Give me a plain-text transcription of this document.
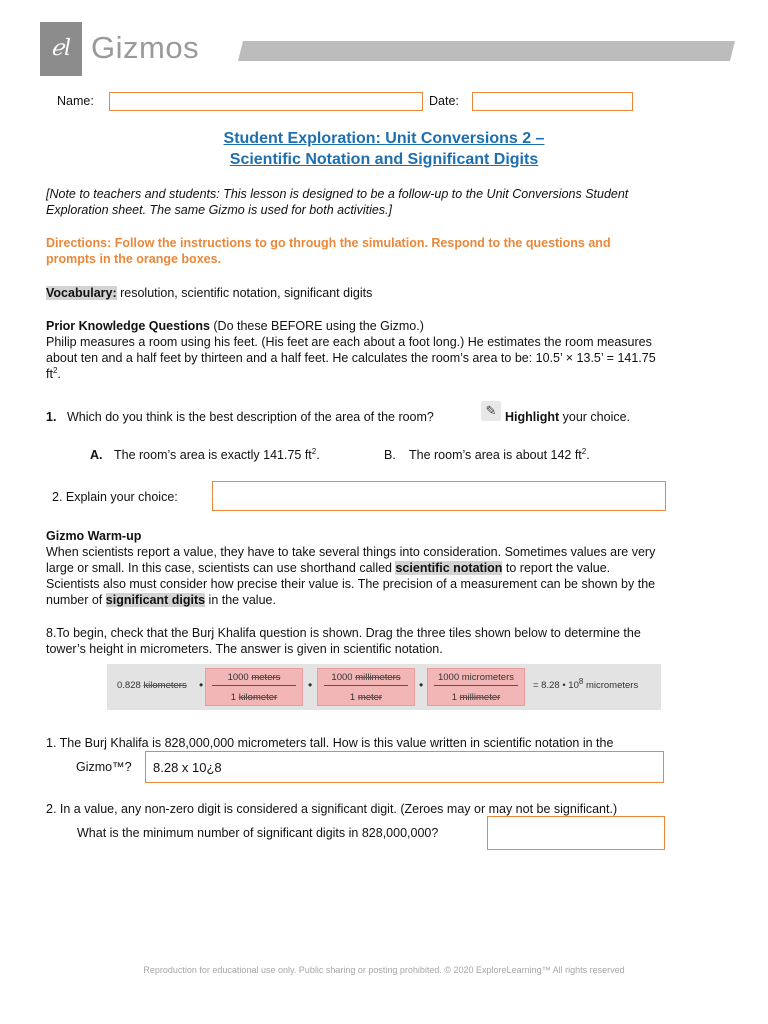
ℯl Gizmos
Name:	Date:
Student Exploration: Unit Conversions 2 –
Scientific Notation and Significant Digits
[Note to teachers and students: This lesson is designed to be a follow-up to the Unit Conversions Student
Exploration sheet. The same Gizmo is used for both activities.]
Directions: Follow the instructions to go through the simulation. Respond to the questions and
prompts in the orange boxes.
Vocabulary: resolution, scientific notation, significant digits
Prior Knowledge Questions (Do these BEFORE using the Gizmo.)
Philip measures a room using his feet. (His feet are each about a foot long.) He estimates the room measures
about ten and a half feet by thirteen and a half feet. He calculates the room’s area to be: 10.5’ × 13.5’ = 141.75
$ft^2$.
1. Which do you think is the best description of the area of the room?	✎ Highlight your choice.
A. The room’s area is exactly 141.75 $ft^2$.	B. The room’s area is about 142 $ft^2$.
2. Explain your choice:
Gizmo Warm-up
When scientists report a value, they have to take several things into consideration. Sometimes values are very
large or small. In this case, scientists can use shorthand called scientific notation to report the value.
Scientists also must consider how precise their value is. The precision of a measurement can be shown by the
number of significant digits in the value.
8.To begin, check that the Burj Khalifa question is shown. Drag the three tiles shown below to determine the
tower’s height in micrometers. The answer is given in scientific notation.
0.828 kilometers •
1000 meters
1 kilometer
•
1000 millimeters
1 meter
•
1000 micrometers
1 millimeter
= 8.28 • $10^8$ micrometers
1. The Burj Khalifa is 828,000,000 micrometers tall. How is this value written in scientific notation in the
Gizmo™? 8.28 x 10¿8
2. In a value, any non-zero digit is considered a significant digit. (Zeroes may or may not be significant.)
What is the minimum number of significant digits in 828,000,000?
Reproduction for educational use only. Public sharing or posting prohibited. © 2020 ExploreLearning™ All rights reserved
